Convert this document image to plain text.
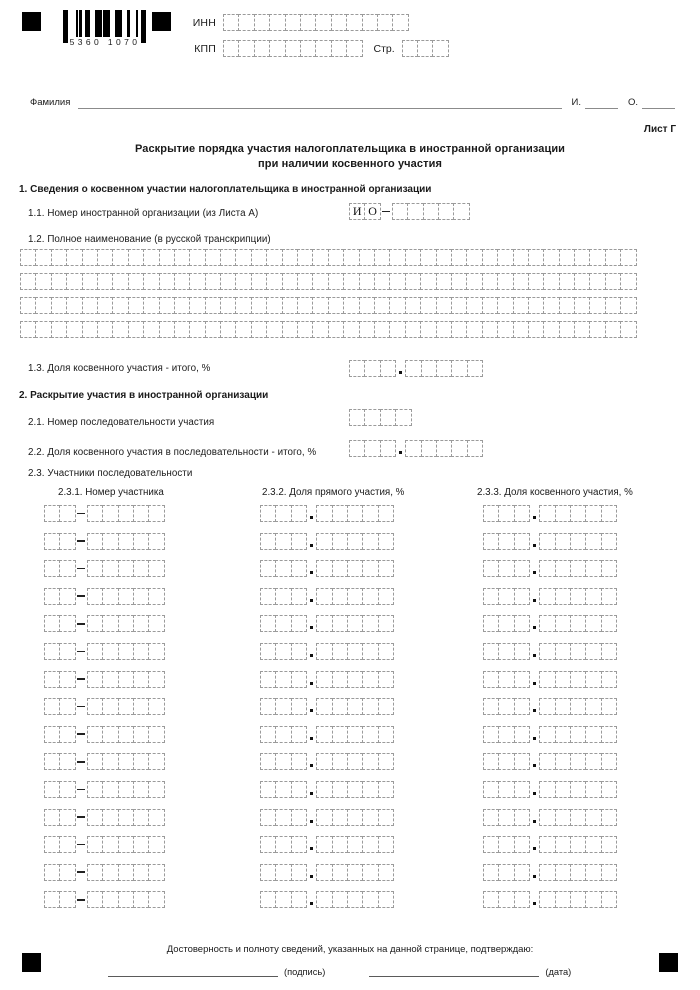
5360 1070
ИНН
КПП	Стр.
Фамилия	И.	О.
Лист Г
Раскрытие порядка участия налогоплательщика в иностранной организации
при наличии косвенного участия
1. Сведения о косвенном участии налогоплательщика в иностранной организации
1.1. Номер иностранной организации (из Листа А)	И О
1.2. Полное наименование (в русской транскрипции)
1.3. Доля косвенного участия - итого, %
2. Раскрытие участия в иностранной организации
2.1. Номер последовательности участия
2.2. Доля косвенного участия в последовательности - итого, %
2.3. Участники последовательности
2.3.1. Номер участника	2.3.2. Доля прямого участия, %	2.3.3. Доля косвенного участия, %
Достоверность и полноту сведений, указанных на данной странице, подтверждаю:
(подпись)	(дата)
